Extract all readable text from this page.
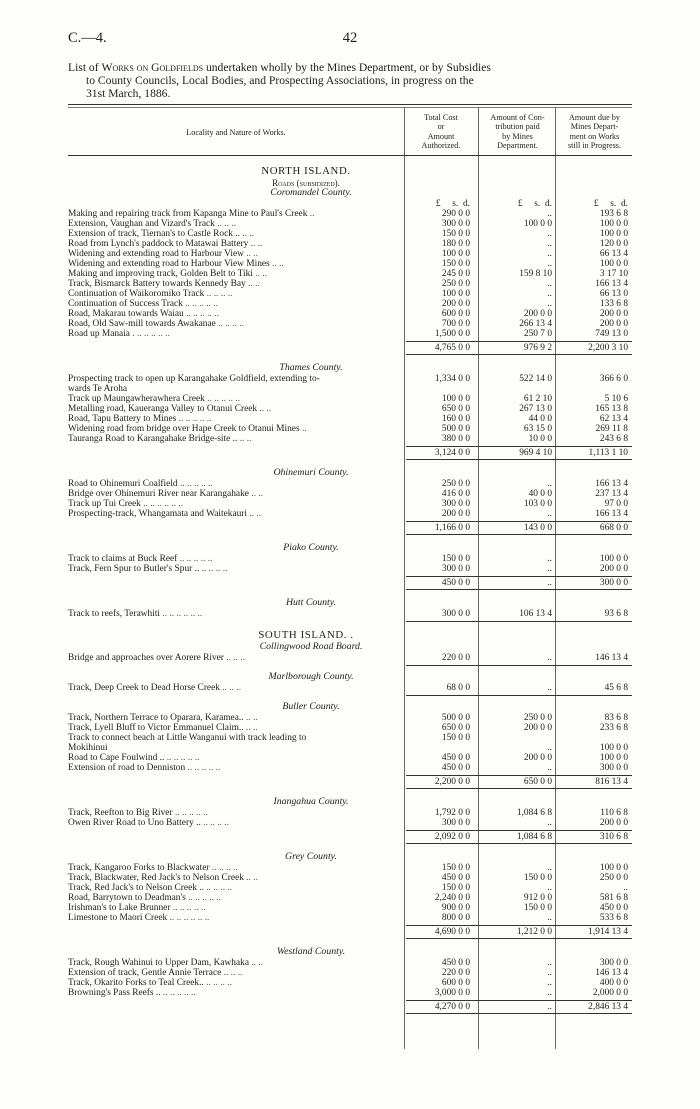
C.—4.	42
List of Works on Goldfields undertaken wholly by the Mines Department, or by Subsidies
to County Councils, Local Bodies, and Prospecting Associations, in progress on the
31st March, 1886.
Locality and Nature of Works.
Total Cost
or
Amount
Authorized.
Amount of Con-
tribution paid
by Mines
Department.
Amount due by
Mines Depart-
ment on Works
still in Progress.
NORTH ISLAND.
Roads (subsidized).
Coromandel County.
£     s.  d.	£     s.  d.	£     s.  d.
Making and repairing track from Kapanga Mine to Paul's Creek ..	290 0 0	..	193 6 8
Extension, Vaughan and Vizard's Track .. .. ..	300 0 0	100 0 0	100 0 0
Extension of track, Tiernan's to Castle Rock .. .. ..	150 0 0	..	100 0 0
Road from Lynch's paddock to Matawai Battery .. ..	180 0 0	..	120 0 0
Widening and extending road to Harbour View .. ..	100 0 0	..	66 13 4
Widening and extending road to Harbour View Mines .. ..	150 0 0	..	100 0 0
Making and improving track, Golden Belt to Tiki .. ..	245 0 0	159 8 10	3 17 10
Track, Bismarck Battery towards Kennedy Bay .. ..	250 0 0	..	166 13 4
Continuation of Waikoromiko Track .. .. .. ..	100 0 0	..	66 13 0
Continuation of Success Track .. .. .. .. ..	200 0 0	..	133 6 8
Road, Makarau towards Waiau .. .. .. .. ..	600 0 0	200 0 0	200 0 0
Road, Old Saw-mill towards Awakanae .. .. .. ..	700 0 0	266 13 4	200 0 0
Road up Manaia . .. .. .. .. ..	1,500 0 0	250 7 0	749 13 0
4,765 0 0	976 9 2	2,200 3 10
Thames County.
Prospecting track to open up Karangahake Goldfield, extending to-	1,334 0 0	522 14 0	366 6 0
wards Te Aroha
Track up Maungawherawhera Creek .. .. .. .. ..	100 0 0	61 2 10	5 10 6
Metalling road, Kaueranga Valley to Otanui Creek .. ..	650 0 0	267 13 0	165 13 8
Road, Tapu Battery to Mines .. .. .. .. ..	160 0 0	44 0 0	62 13 4
Widening road from bridge over Hape Creek to Otanui Mines ..	500 0 0	63 15 0	269 11 8
Tauranga Road to Karangahake Bridge-site .. .. ..	380 0 0	10 0 0	243 6 8
3,124 0 0	969 4 10	1,113 1 10
Ohinemuri County.
Road to Ohinemuri Coalfield .. .. .. .. ..	250 0 0	..	166 13 4
Bridge over Ohinemuri River near Karangahake .. ..	416 0 0	40 0 0	237 13 4
Track up Tui Creek .. .. .. .. .. ..	300 0 0	103 0 0	97 0 0
Prospecting-track, Whangamata and Waitekauri .. ..	200 0 0	..	166 13 4
1,166 0 0	143 0 0	668 0 0
Piako County.
Track to claims at Buck Reef .. .. .. .. ..	150 0 0	..	100 0 0
Track, Fern Spur to Butler's Spur .. .. .. .. ..	300 0 0	..	200 0 0
450 0 0	..	300 0 0
Hutt County.
Track to reefs, Terawhiti .. .. .. .. .. ..	300 0 0	106 13 4	93 6 8
SOUTH ISLAND. .
Collingwood Road Board.
Bridge and approaches over Aorere River .. .. ..	220 0 0	..	146 13 4
Marlborough County.
Track, Deep Creek to Dead Horse Creek .. .. ..	68 0 0	..	45 6 8
Buller County.
Track, Northern Terrace to Oparara, Karamea.. .. ..	500 0 0	250 0 0	83 6 8
Track, Lyell Bluff to Victor Emmanuel Claim.. .. ..	650 0 0	200 0 0	233 6 8
Track to connect beach at Little Wanganui with track leading to	150 0 0
Mokihinui	..	100 0 0
Road to Cape Foulwind .. .. .. .. .. ..	450 0 0	200 0 0	100 0 0
Extension of road to Denniston .. .. .. .. ..	450 0 0	..	300 0 0
2,200 0 0	650 0 0	816 13 4
Inangahua County.
Track, Reefton to Big River .. .. .. .. ..	1,792 0 0	1,084 6 8	110 6 8
Owen River Road to Uno Battery .. .. .. .. ..	300 0 0	..	200 0 0
2,092 0 0	1,084 6 8	310 6 8
Grey County.
Track, Kangaroo Forks to Blackwater .. .. .. ..	150 0 0	..	100 0 0
Track, Blackwater, Red Jack's to Nelson Creek .. ..	450 0 0	150 0 0	250 0 0
Track, Red Jack's to Nelson Creek .. .. .. .. ..	150 0 0	..	..
Road, Barrytown to Deadman's .. .. .. .. ..	2,240 0 0	912 0 0	581 6 8
Irishman's to Lake Brunner .. .. .. .. ..	900 0 0	150 0 0	450 0 0
Limestone to Maori Creek .. .. .. .. .. ..	800 0 0	..	533 6 8
4,690 0 0	1,212 0 0	1,914 13 4
Westland County.
Track, Rough Wahinui to Upper Dam, Kawhaka .. ..	450 0 0	..	300 0 0
Extension of track, Gentle Annie Terrace .. .. ..	220 0 0	..	146 13 4
Track, Okarito Forks to Teal Creek.. .. .. .. ..	600 0 0	..	400 0 0
Browning's Pass Reefs .. .. .. .. .. ..	3,000 0 0	..	2,000 0 0
4,270 0 0	..	2,846 13 4
